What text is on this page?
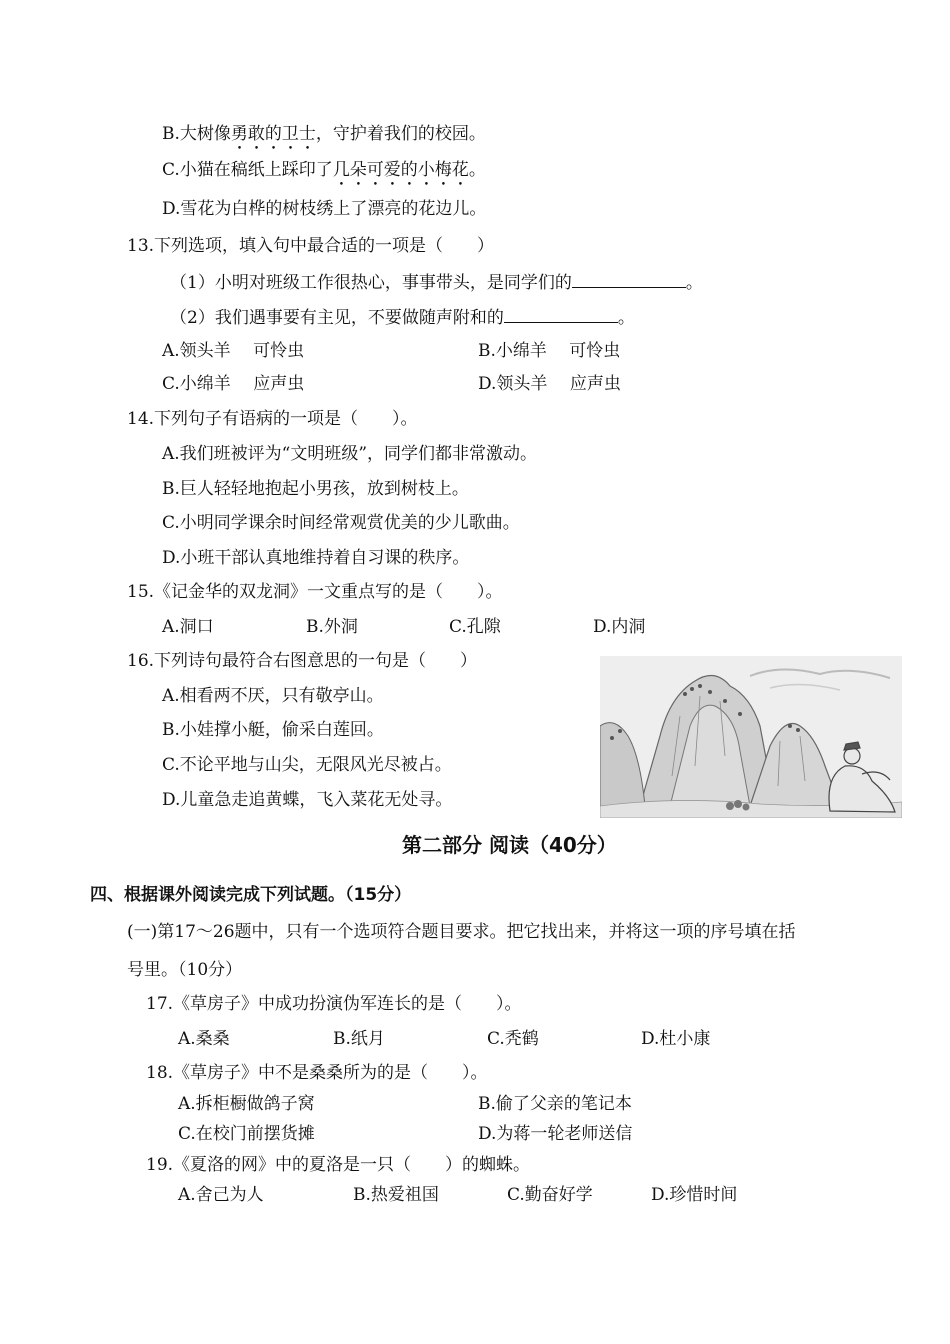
B.大树像勇敢的卫士，守护着我们的校园。
C.小猫在稿纸上踩印了几朵可爱的小梅花。
D.雪花为白桦的树枝绣上了漂亮的花边儿。
13.下列选项，填入句中最合适的一项是（　　）
（1）小明对班级工作很热心，事事带头，是同学们的	。
（2）我们遇事要有主见，不要做随声附和的	。
A.领头羊　 可怜虫	B.小绵羊　 可怜虫
C.小绵羊　 应声虫	D.领头羊　 应声虫
14.下列句子有语病的一项是（　　）。
A.我们班被评为“文明班级”，同学们都非常激动。
B.巨人轻轻地抱起小男孩，放到树枝上。
C.小明同学课余时间经常观赏优美的少儿歌曲。
D.小班干部认真地维持着自习课的秩序。
15.《记金华的双龙洞》一文重点写的是（　　）。
A.洞口	B.外洞	C.孔隙	D.内洞
16.下列诗句最符合右图意思的一句是（　　）
A.相看两不厌，只有敬亭山。
B.小娃撑小艇，偷采白莲回。
C.不论平地与山尖，无限风光尽被占。
D.儿童急走追黄蝶，飞入菜花无处寻。
第二部分 阅读（40分）
四、根据课外阅读完成下列试题。（15分）
(一)第17～26题中，只有一个选项符合题目要求。把它找出来，并将这一项的序号填在括
号里。（10分）
17.《草房子》中成功扮演伪军连长的是（　　）。
A.桑桑	B.纸月	C.秃鹤	D.杜小康
18.《草房子》中不是桑桑所为的是（　　）。
A.拆柜橱做鸽子窝	B.偷了父亲的笔记本
C.在校门前摆货摊	D.为蒋一轮老师送信
19.《夏洛的网》中的夏洛是一只（　　）的蜘蛛。
A.舍己为人	B.热爱祖国	C.勤奋好学	D.珍惜时间
